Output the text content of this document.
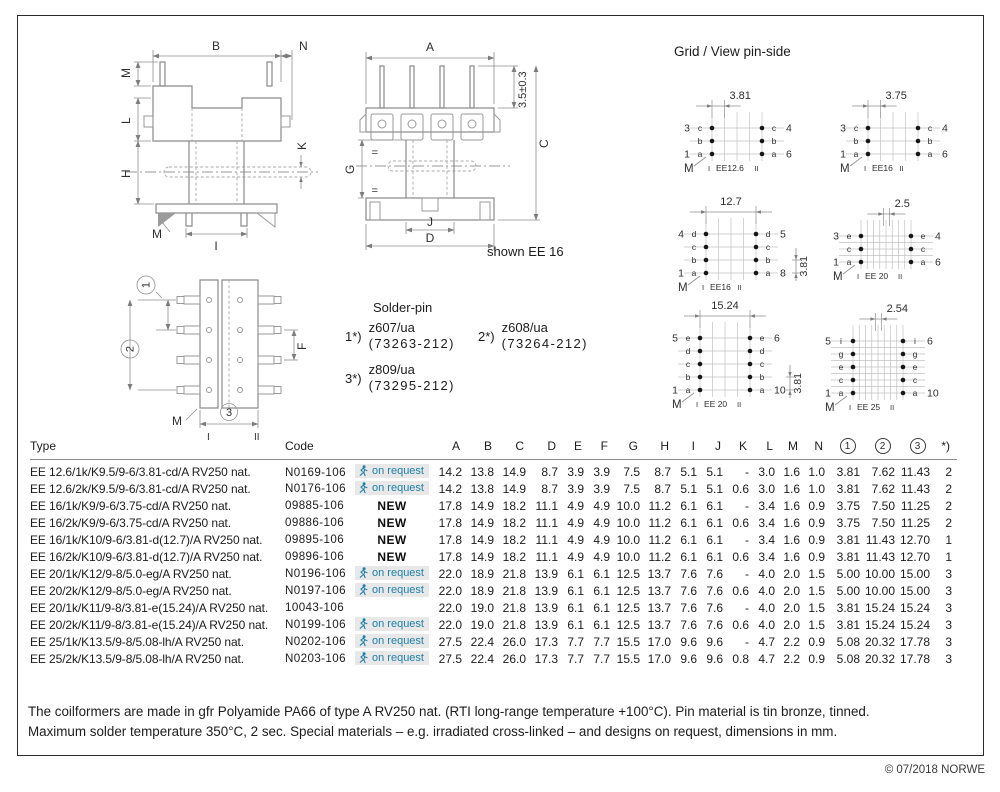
B	N
M
L
H
K
I
M
A
3.5±0.3
=
=
G
C
J
D
1
2	F
3
M
I	II
shown EE 16
Solder-pin
1*)
z607/ua
(73263-212) 2*)
z608/ua
(73264-212)
3*)
z809/ua
(73295-212)
Grid / View pin-side
3.81
c	c
b	b
a	a
3
1
4
6
M I EE12.6 II
3.75
c	c
b	b
a	a
3
1
4
6
M I EE16 II
12.7
d	d
c	c
b	b
a	a
4
1
5
8 3.81
M I EE16 II
2.5
e	e
c	c
a	a
3
1
4
6
M I EE 20 II
15.24
e	e
d	d
c	c
b	b
a	a
5
1
6
10 3.81
M I EE 20 II
2.54
i	i
g	g
e	e
c	c
a	a
5
1
6
10
M I EE 25 II
Type	Code		A	B	C	D	E	F	G	H	I	J	K	L	M	N	1	2	3	*)
EE 12.6/1k/K9.5/9-6/3.81-cd/A RV250 nat.	N0169-106	on request	14.2	13.8	14.9	8.7	3.9	3.9	7.5	8.7	5.1	5.1	-	3.0	1.6	1.0	3.81	7.62	11.43	2
EE 12.6/2k/K9.5/9-6/3.81-cd/A RV250 nat.	N0176-106	on request	14.2	13.8	14.9	8.7	3.9	3.9	7.5	8.7	5.1	5.1	0.6	3.0	1.6	1.0	3.81	7.62	11.43	2
EE 16/1k/K9/9-6/3.75-cd/A RV250 nat.	09885-106	NEW	17.8	14.9	18.2	11.1	4.9	4.9	10.0	11.2	6.1	6.1	-	3.4	1.6	0.9	3.75	7.50	11.25	2
EE 16/2k/K9/9-6/3.75-cd/A RV250 nat.	09886-106	NEW	17.8	14.9	18.2	11.1	4.9	4.9	10.0	11.2	6.1	6.1	0.6	3.4	1.6	0.9	3.75	7.50	11.25	2
EE 16/1k/K10/9-6/3.81-d(12.7)/A RV250 nat.	09895-106	NEW	17.8	14.9	18.2	11.1	4.9	4.9	10.0	11.2	6.1	6.1	-	3.4	1.6	0.9	3.81	11.43	12.70	1
EE 16/2k/K10/9-6/3.81-d(12.7)/A RV250 nat.	09896-106	NEW	17.8	14.9	18.2	11.1	4.9	4.9	10.0	11.2	6.1	6.1	0.6	3.4	1.6	0.9	3.81	11.43	12.70	1
EE 20/1k/K12/9-8/5.0-eg/A RV250 nat.	N0196-106	on request	22.0	18.9	21.8	13.9	6.1	6.1	12.5	13.7	7.6	7.6	-	4.0	2.0	1.5	5.00	10.00	15.00	3
EE 20/2k/K12/9-8/5.0-eg/A RV250 nat.	N0197-106	on request	22.0	18.9	21.8	13.9	6.1	6.1	12.5	13.7	7.6	7.6	0.6	4.0	2.0	1.5	5.00	10.00	15.00	3
EE 20/1k/K11/9-8/3.81-e(15.24)/A RV250 nat.	10043-106		22.0	19.0	21.8	13.9	6.1	6.1	12.5	13.7	7.6	7.6	-	4.0	2.0	1.5	3.81	15.24	15.24	3
EE 20/2k/K11/9-8/3.81-e(15.24)/A RV250 nat.	N0199-106	on request	22.0	19.0	21.8	13.9	6.1	6.1	12.5	13.7	7.6	7.6	0.6	4.0	2.0	1.5	3.81	15.24	15.24	3
EE 25/1k/K13.5/9-8/5.08-lh/A RV250 nat.	N0202-106	on request	27.5	22.4	26.0	17.3	7.7	7.7	15.5	17.0	9.6	9.6	-	4.7	2.2	0.9	5.08	20.32	17.78	3
EE 25/2k/K13.5/9-8/5.08-lh/A RV250 nat.	N0203-106	on request	27.5	22.4	26.0	17.3	7.7	7.7	15.5	17.0	9.6	9.6	0.8	4.7	2.2	0.9	5.08	20.32	17.78	3
The coilformers are made in gfr Polyamide PA66 of type A RV250 nat. (RTI long-range temperature +100°C). Pin material is tin bronze, tinned.
Maximum solder temperature 350°C, 2 sec. Special materials – e.g. irradiated cross-linked – and designs on request, dimensions in mm.
© 07/2018 NORWE
